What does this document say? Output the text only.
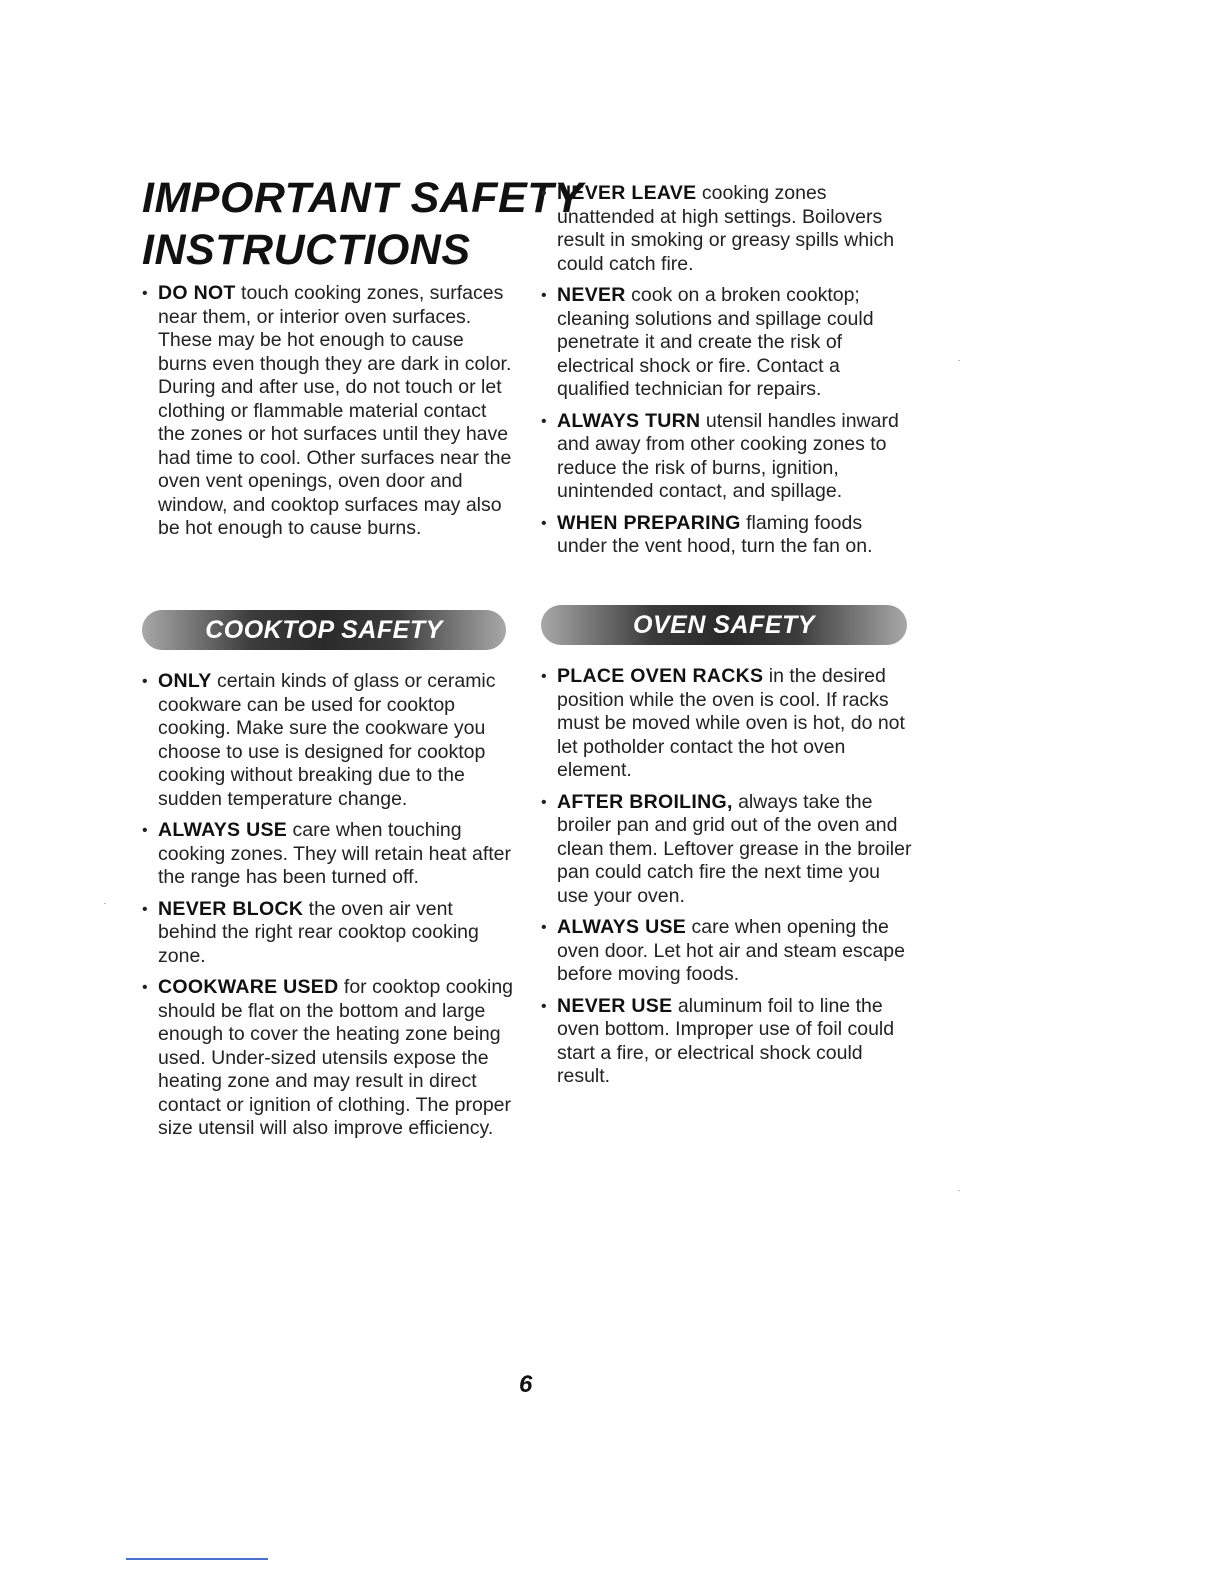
IMPORTANT SAFETY
INSTRUCTIONS
• DO NOT touch cooking zones, surfaces near them, or interior oven surfaces. These may be hot enough to cause burns even though they are dark in color. During and after use, do not touch or let clothing or flammable material contact the zones or hot surfaces until they have had time to cool. Other surfaces near the oven vent openings, oven door and window, and cooktop surfaces may also be hot enough to cause burns.
• NEVER LEAVE cooking zones unattended at high settings. Boilovers result in smoking or greasy spills which could catch fire.
• NEVER cook on a broken cooktop; cleaning solutions and spillage could penetrate it and create the risk of electrical shock or fire. Contact a qualified technician for repairs.
• ALWAYS TURN utensil handles inward and away from other cooking zones to reduce the risk of burns, ignition, unintended contact, and spillage.
• WHEN PREPARING flaming foods under the vent hood, turn the fan on.
COOKTOP SAFETY	OVEN SAFETY
• ONLY certain kinds of glass or ceramic cookware can be used for cooktop cooking. Make sure the cookware you choose to use is designed for cooktop cooking without breaking due to the sudden temperature change.
• ALWAYS USE care when touching cooking zones. They will retain heat after the range has been turned off.
• NEVER BLOCK the oven air vent behind the right rear cooktop cooking zone.
• COOKWARE USED for cooktop cooking should be flat on the bottom and large enough to cover the heating zone being used. Under-sized utensils expose the heating zone and may result in direct contact or ignition of clothing. The proper size utensil will also improve efficiency.
• PLACE OVEN RACKS in the desired position while the oven is cool. If racks must be moved while oven is hot, do not let potholder contact the hot oven element.
• AFTER BROILING, always take the broiler pan and grid out of the oven and clean them. Leftover grease in the broiler pan could catch fire the next time you use your oven.
• ALWAYS USE care when opening the oven door. Let hot air and steam escape before moving foods.
• NEVER USE aluminum foil to line the oven bottom. Improper use of foil could start a fire, or electrical shock could result.
6
